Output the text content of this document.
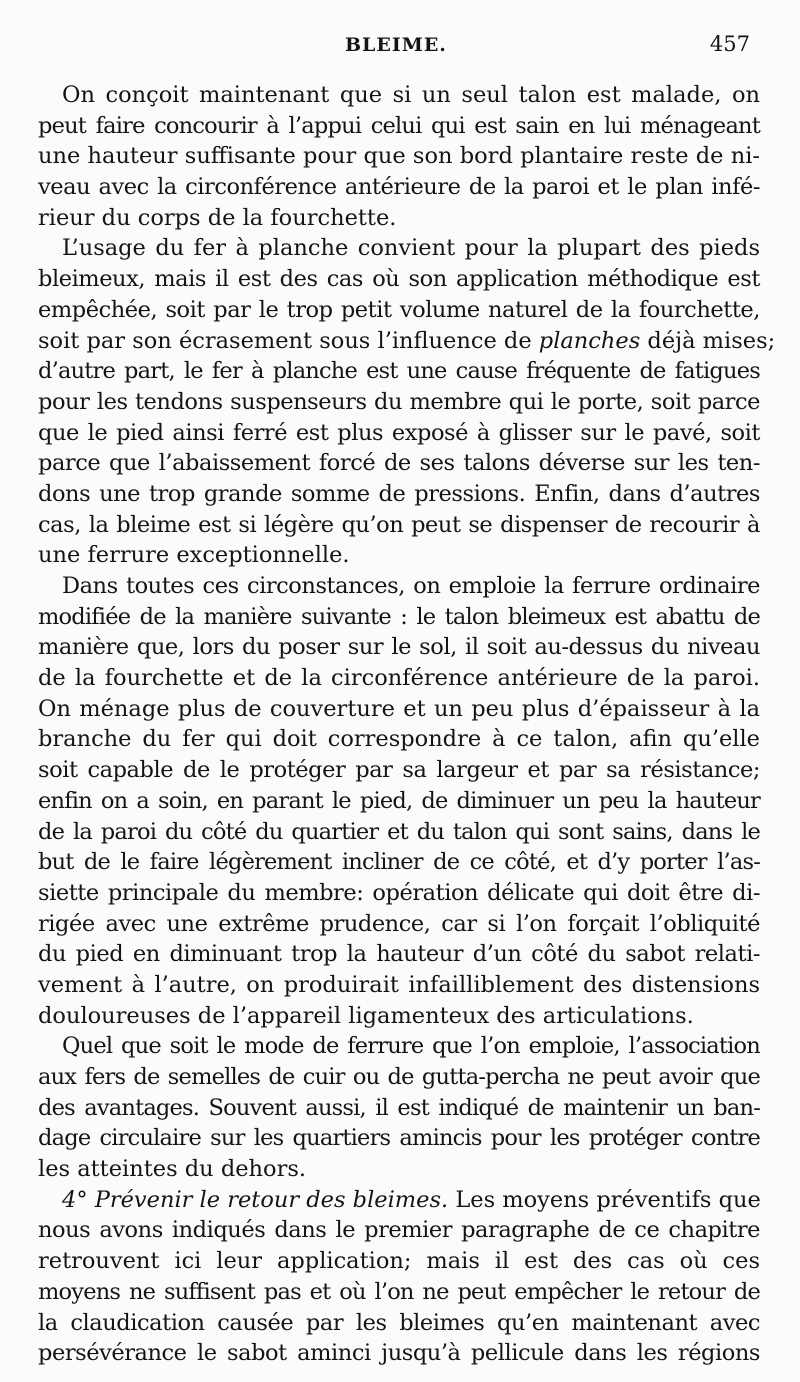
BLEIME.	457
On conçoit maintenant que si un seul talon est malade, on
peut faire concourir à l’appui celui qui est sain en lui ménageant
une hauteur suffisante pour que son bord plantaire reste de ni-
veau avec la circonférence antérieure de la paroi et le plan infé-
rieur du corps de la fourchette.
L’usage du fer à planche convient pour la plupart des pieds
bleimeux, mais il est des cas où son application méthodique est
empêchée, soit par le trop petit volume naturel de la fourchette,
soit par son écrasement sous l’influence de planches déjà mises;
d’autre part, le fer à planche est une cause fréquente de fatigues
pour les tendons suspenseurs du membre qui le porte, soit parce
que le pied ainsi ferré est plus exposé à glisser sur le pavé, soit
parce que l’abaissement forcé de ses talons déverse sur les ten-
dons une trop grande somme de pressions. Enfin, dans d’autres
cas, la bleime est si légère qu’on peut se dispenser de recourir à
une ferrure exceptionnelle.
Dans toutes ces circonstances, on emploie la ferrure ordinaire
modifiée de la manière suivante : le talon bleimeux est abattu de
manière que, lors du poser sur le sol, il soit au-dessus du niveau
de la fourchette et de la circonférence antérieure de la paroi.
On ménage plus de couverture et un peu plus d’épaisseur à la
branche du fer qui doit correspondre à ce talon, afin qu’elle
soit capable de le protéger par sa largeur et par sa résistance;
enfin on a soin, en parant le pied, de diminuer un peu la hauteur
de la paroi du côté du quartier et du talon qui sont sains, dans le
but de le faire légèrement incliner de ce côté, et d’y porter l’as-
siette principale du membre: opération délicate qui doit être di-
rigée avec une extrême prudence, car si l’on forçait l’obliquité
du pied en diminuant trop la hauteur d’un côté du sabot relati-
vement à l’autre, on produirait infailliblement des distensions
douloureuses de l’appareil ligamenteux des articulations.
Quel que soit le mode de ferrure que l’on emploie, l’association
aux fers de semelles de cuir ou de gutta-percha ne peut avoir que
des avantages. Souvent aussi, il est indiqué de maintenir un ban-
dage circulaire sur les quartiers amincis pour les protéger contre
les atteintes du dehors.
4° Prévenir le retour des bleimes. Les moyens préventifs que
nous avons indiqués dans le premier paragraphe de ce chapitre
retrouvent ici leur application; mais il est des cas où ces
moyens ne suffisent pas et où l’on ne peut empêcher le retour de
la claudication causée par les bleimes qu’en maintenant avec
persévérance le sabot aminci jusqu’à pellicule dans les régions
